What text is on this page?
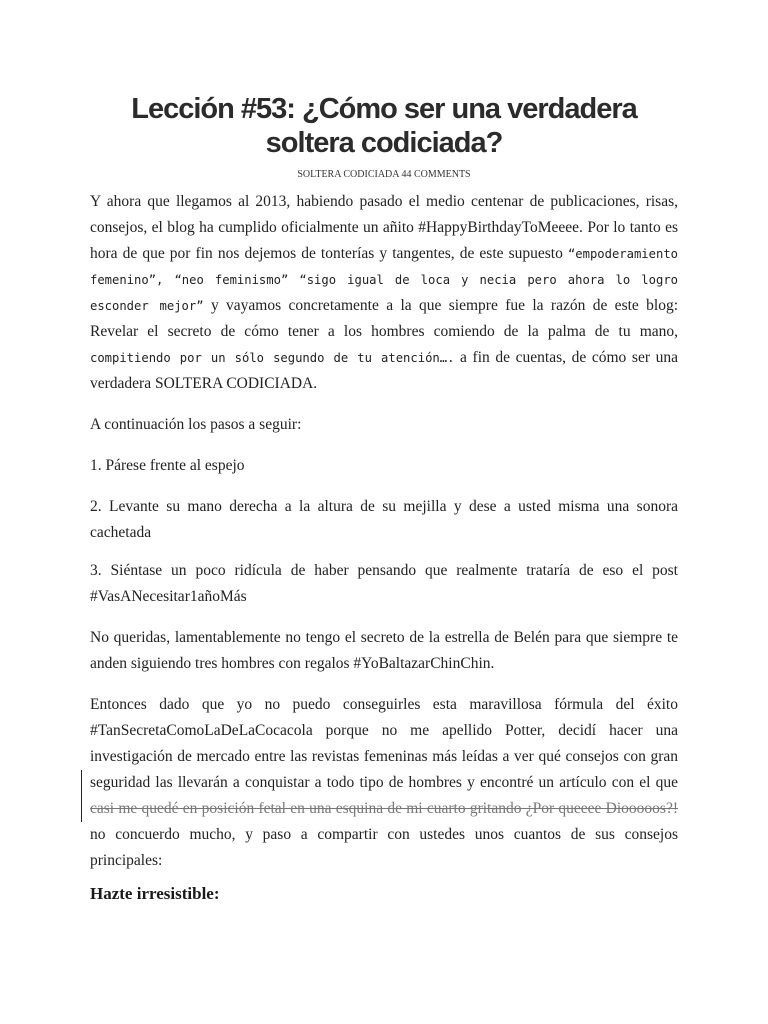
Lección #53: ¿Cómo ser una verdadera
soltera codiciada?
SOLTERA CODICIADA 44 COMMENTS

Y ahora que llegamos al 2013, habiendo pasado el medio centenar de publicaciones, risas, consejos, el blog ha cumplido oficialmente un añito #HappyBirthdayToMeeee. Por lo tanto es hora de que por fin nos dejemos de tonterías y tangentes, de este supuesto “empoderamiento femenino”, “neo feminismo” “sigo igual de loca y necia pero ahora lo logro esconder mejor” y vayamos concretamente a la que siempre fue la razón de este blog: Revelar el secreto de cómo tener a los hombres comiendo de la palma de tu mano, compitiendo por un sólo segundo de tu atención…. a fin de cuentas, de cómo ser una verdadera SOLTERA CODICIADA.

A continuación los pasos a seguir:

1. Párese frente al espejo

2. Levante su mano derecha a la altura de su mejilla y dese a usted misma una sonora cachetada

3. Siéntase un poco ridícula de haber pensando que realmente trataría de eso el post #VasANecesitar1añoMás

No queridas, lamentablemente no tengo el secreto de la estrella de Belén para que siempre te anden siguiendo tres hombres con regalos #YoBaltazarChinChin.

Entonces dado que yo no puedo conseguirles esta maravillosa fórmula del éxito #TanSecretaComoLaDeLaCocacola porque no me apellido Potter, decidí hacer una investigación de mercado entre las revistas femeninas más leídas a ver qué consejos con gran seguridad las llevarán a conquistar a todo tipo de hombres y encontré un artículo con el que casi me quedé en posición fetal en una esquina de mi cuarto gritando ¿Por queeee Diooooos?! no concuerdo mucho, y paso a compartir con ustedes unos cuantos de sus consejos principales:

Hazte irresistible:
